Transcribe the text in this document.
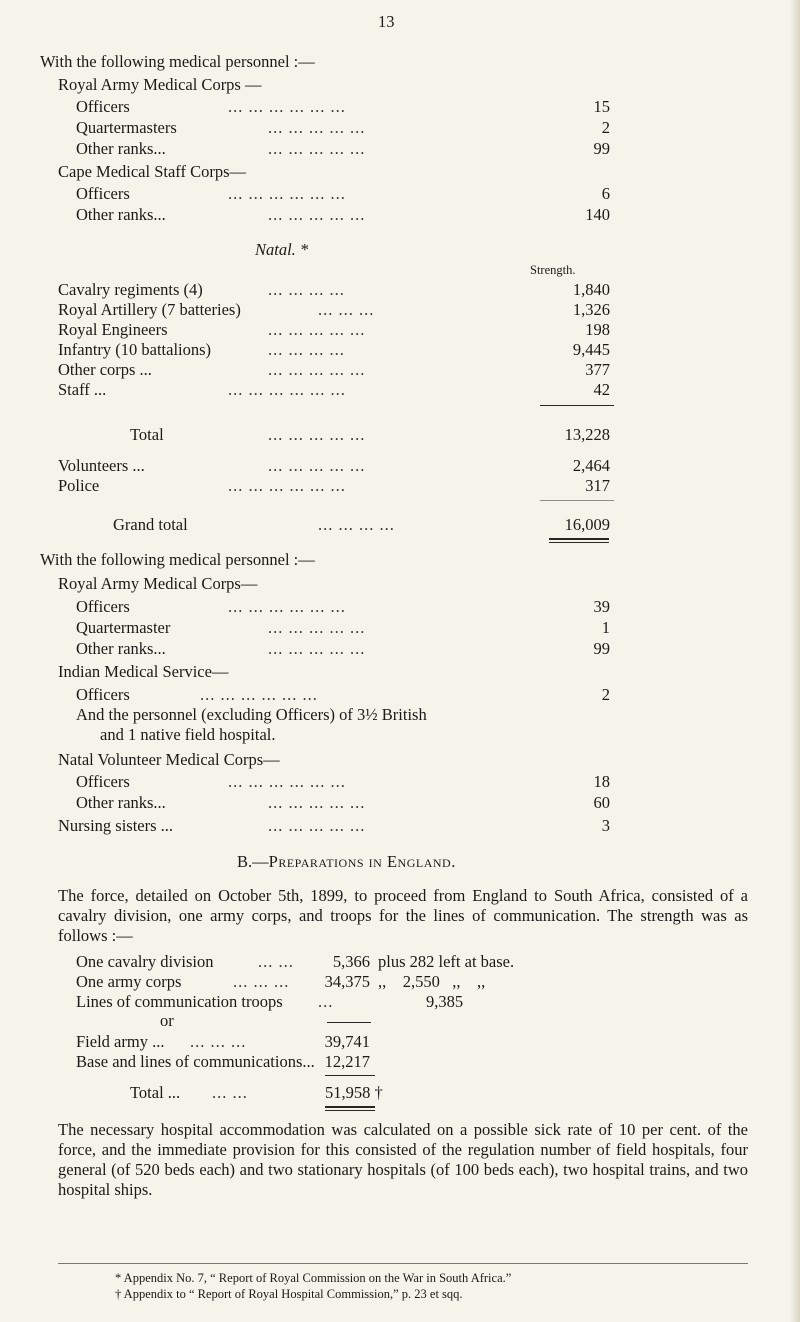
13
With the following medical personnel :—
Royal Army Medical Corps —
Officers	... ... ... ... ... ...	15
Quartermasters	... ... ... ... ...	2
Other ranks...	... ... ... ... ...	99
Cape Medical Staff Corps—
Officers	... ... ... ... ... ...	6
Other ranks...	... ... ... ... ...	140
Natal. *
Strength.
Cavalry regiments (4)	... ... ... ...	1,840
Royal Artillery (7 batteries)	... ... ...	1,326
Royal Engineers	... ... ... ... ...	198
Infantry (10 battalions)	... ... ... ...	9,445
Other corps ...	... ... ... ... ...	377
Staff ...	... ... ... ... ... ...	42
Total	... ... ... ... ...	13,228
Volunteers ...	... ... ... ... ...	2,464
Police	... ... ... ... ... ...	317
Grand total	... ... ... ...	16,009
With the following medical personnel :—
Royal Army Medical Corps—
Officers	... ... ... ... ... ...	39
Quartermaster	... ... ... ... ...	1
Other ranks...	... ... ... ... ...	99
Indian Medical Service—
Officers	... ... ... ... ... ...	2
And the personnel (excluding Officers) of 3½ British
and 1 native field hospital.
Natal Volunteer Medical Corps—
Officers	... ... ... ... ... ...	18
Other ranks...	... ... ... ... ...	60
Nursing sisters ...	... ... ... ... ...	3
B.—Preparations in England.
The force, detailed on October 5th, 1899, to proceed from England to South Africa, consisted of a cavalry division, one army corps, and troops for the lines of communication. The strength was as follows :—
One cavalry division	... ...	5,366 plus 282 left at base.
One army corps	... ... ...	34,375 ,,    2,550   ,,    ,,
Lines of communication troops ...	9,385
or
Field army ... ... ... ...	39,741
Base and lines of communications... 12,217
Total ... ... ...	51,958 †
The necessary hospital accommodation was calculated on a possible sick rate of 10 per cent. of the force, and the immediate provision for this consisted of the regulation number of field hospitals, four general (of 520 beds each) and two stationary hospitals (of 100 beds each), two hospital trains, and two hospital ships.
* Appendix No. 7, “ Report of Royal Commission on the War in South Africa.”
† Appendix to “ Report of Royal Hospital Commission,” p. 23 et sqq.
